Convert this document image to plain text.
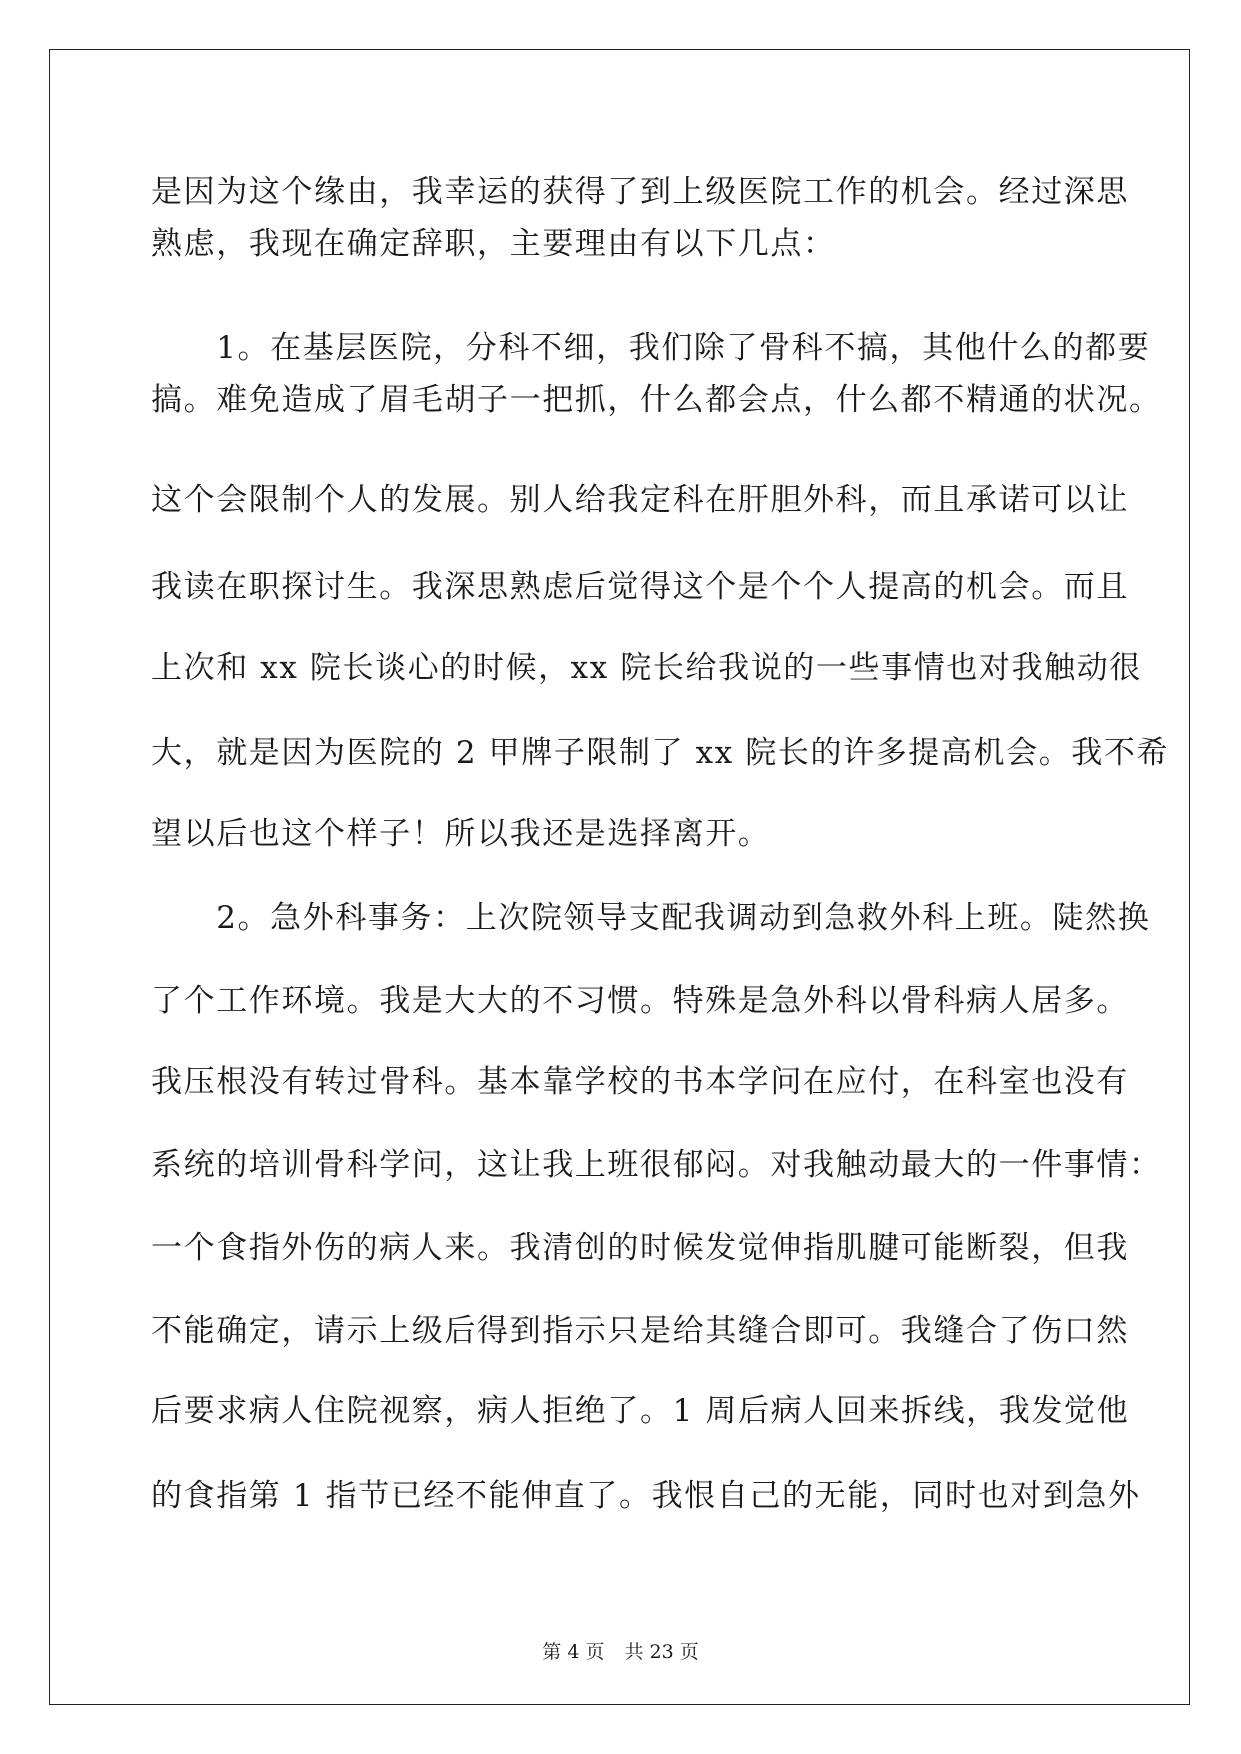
是因为这个缘由，我幸运的获得了到上级医院工作的机会。经过深思
熟虑，我现在确定辞职，主要理由有以下几点：
　　1。在基层医院，分科不细，我们除了骨科不搞，其他什么的都要
搞。难免造成了眉毛胡子一把抓，什么都会点，什么都不精通的状况。
这个会限制个人的发展。别人给我定科在肝胆外科，而且承诺可以让
我读在职探讨生。我深思熟虑后觉得这个是个个人提高的机会。而且
上次和 xx 院长谈心的时候，xx 院长给我说的一些事情也对我触动很
大，就是因为医院的 2 甲牌子限制了 xx 院长的许多提高机会。我不希
望以后也这个样子！所以我还是选择离开。
　　2。急外科事务：上次院领导支配我调动到急救外科上班。陡然换
了个工作环境。我是大大的不习惯。特殊是急外科以骨科病人居多。
我压根没有转过骨科。基本靠学校的书本学问在应付，在科室也没有
系统的培训骨科学问，这让我上班很郁闷。对我触动最大的一件事情：
一个食指外伤的病人来。我清创的时候发觉伸指肌腱可能断裂，但我
不能确定，请示上级后得到指示只是给其缝合即可。我缝合了伤口然
后要求病人住院视察，病人拒绝了。1 周后病人回来拆线，我发觉他
的食指第 1 指节已经不能伸直了。我恨自己的无能，同时也对到急外
第 4 页 共 23 页
